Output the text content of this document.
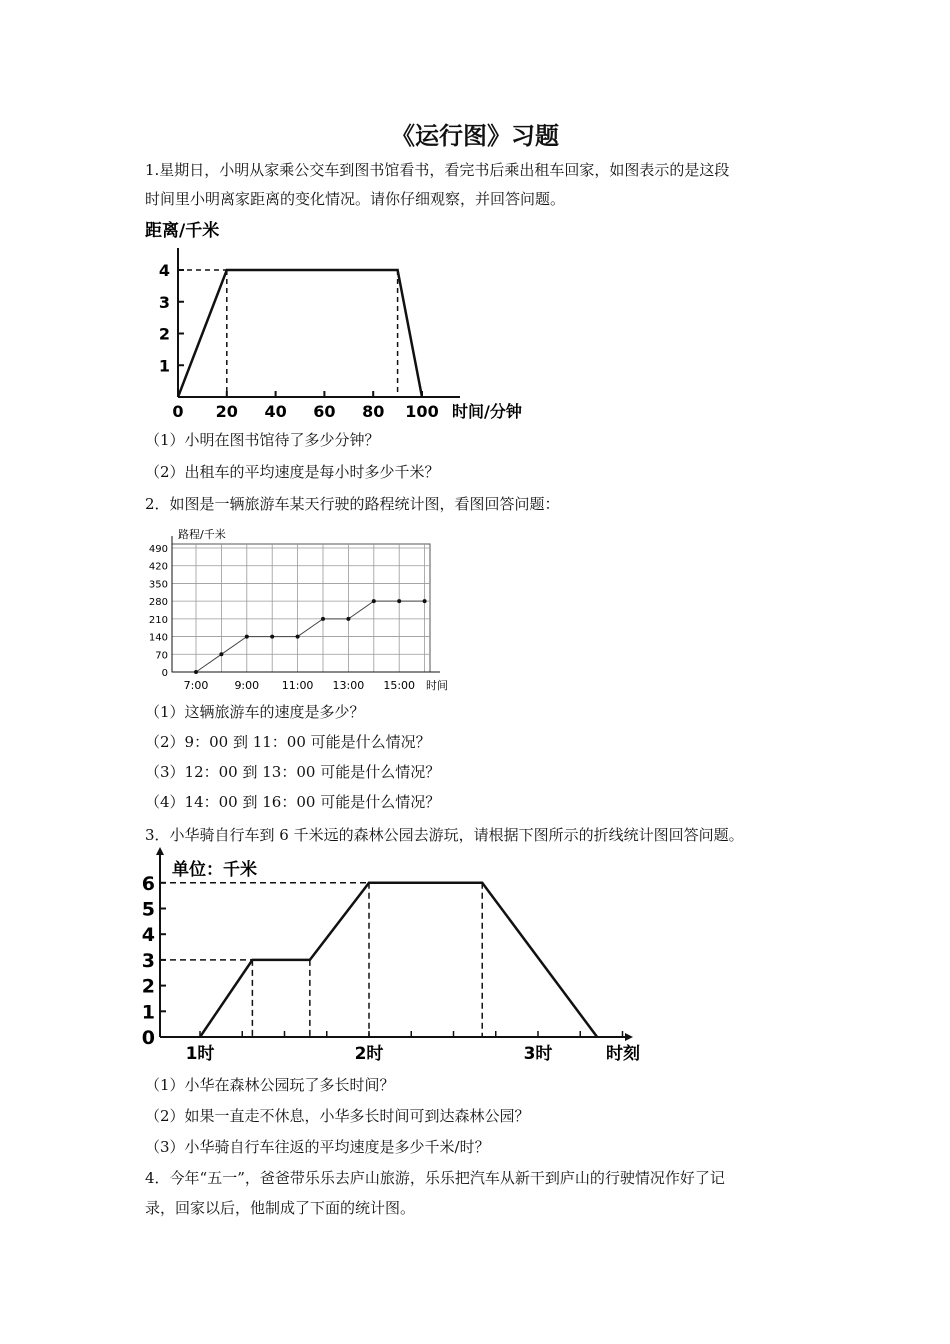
《运行图》习题
1.星期日，小明从家乘公交车到图书馆看书，看完书后乘出租车回家，如图表示的是这段
时间里小明离家距离的变化情况。请你仔细观察，并回答问题。
距离/千米
1
2
3
4
0 20 40 60 80 100 时间/分钟
（1）小明在图书馆待了多少分钟？
（2）出租车的平均速度是每小时多少千米？
2．如图是一辆旅游车某天行驶的路程统计图，看图回答问题：
0
70
140
210
280
350
420
490
路程/千米
7:00 9:00 11:00 13:00 15:00 时间
（1）这辆旅游车的速度是多少？
（2）9：00 到 11：00 可能是什么情况？
（3）12：00 到 13：00 可能是什么情况？
（4）14：00 到 16：00 可能是什么情况？
3．小华骑自行车到 6 千米远的森林公园去游玩，请根据下图所示的折线统计图回答问题。
单位：千米
0
1
2
3
4
5
6
1时	2时	3时	时刻
（1）小华在森林公园玩了多长时间？
（2）如果一直走不休息，小华多长时间可到达森林公园？
（3）小华骑自行车往返的平均速度是多少千米/时？
4．今年“五一”，爸爸带乐乐去庐山旅游，乐乐把汽车从新干到庐山的行驶情况作好了记
录，回家以后，他制成了下面的统计图。
